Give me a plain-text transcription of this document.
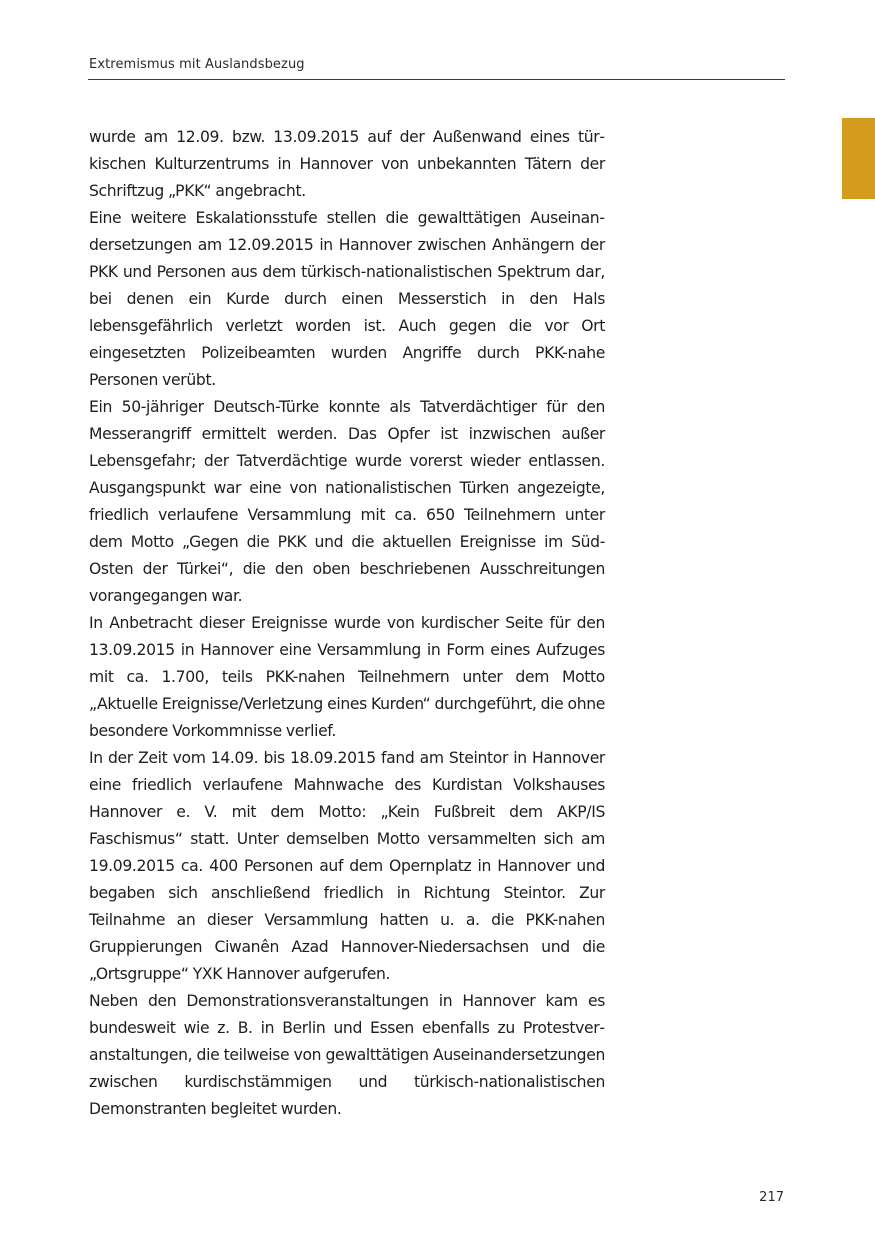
Extremismus mit Auslandsbezug

wurde am 12.09. bzw. 13.09.2015 auf der Außenwand eines türkischen Kulturzentrums in Hannover von unbekannten Tätern der Schriftzug „PKK“ angebracht.

Eine weitere Eskalationsstufe stellen die gewalttätigen Auseinandersetzungen am 12.09.2015 in Hannover zwischen Anhängern der PKK und Personen aus dem türkisch-nationalistischen Spektrum dar, bei denen ein Kurde durch einen Messerstich in den Hals lebensgefährlich verletzt worden ist. Auch gegen die vor Ort eingesetzten Polizeibeamten wurden Angriffe durch PKK-nahe Personen verübt.

Ein 50-jähriger Deutsch-Türke konnte als Tatverdächtiger für den Messerangriff ermittelt werden. Das Opfer ist inzwischen außer Lebensgefahr; der Tatverdächtige wurde vorerst wieder entlassen. Ausgangspunkt war eine von nationalistischen Türken angezeigte, friedlich verlaufene Versammlung mit ca. 650 Teilnehmern unter dem Motto „Gegen die PKK und die aktuellen Ereignisse im Süd-Osten der Türkei“, die den oben beschriebenen Ausschreitungen vorangegangen war.

In Anbetracht dieser Ereignisse wurde von kurdischer Seite für den 13.09.2015 in Hannover eine Versammlung in Form eines Aufzuges mit ca. 1.700, teils PKK-nahen Teilnehmern unter dem Motto „Aktuelle Ereignisse/Verletzung eines Kurden“ durchgeführt, die ohne besondere Vorkommnisse verlief.

In der Zeit vom 14.09. bis 18.09.2015 fand am Steintor in Hannover eine friedlich verlaufene Mahnwache des Kurdistan Volkshauses Hannover e. V. mit dem Motto: „Kein Fußbreit dem AKP/​IS Faschismus“ statt. Unter demselben Motto versammelten sich am 19.09.2015 ca. 400 Personen auf dem Opernplatz in Hannover und begaben sich anschließend friedlich in Richtung Steintor. Zur Teilnahme an dieser Versammlung hatten u. a. die PKK-nahen Gruppierungen Ciwanên Azad Hannover-Niedersachsen und die „Ortsgruppe“ YXK Hannover aufgerufen.

Neben den Demonstrationsveranstaltungen in Hannover kam es bundesweit wie z. B. in Berlin und Essen ebenfalls zu Protestveranstaltungen, die teilweise von gewalttätigen Auseinandersetzungen zwischen kurdischstämmigen und türkisch-nationalistischen Demonstranten begleitet wurden.

217
